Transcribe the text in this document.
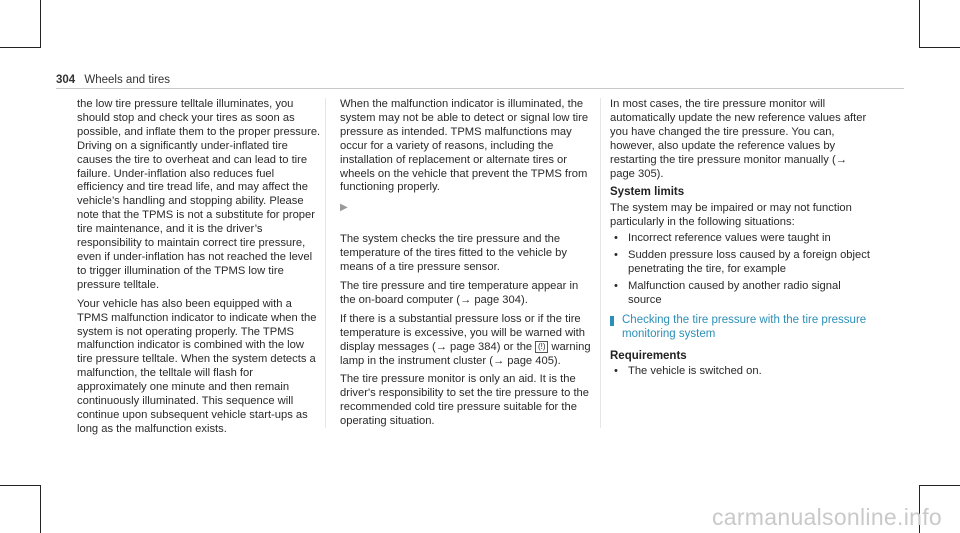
304 Wheels and tires

the low tire pressure telltale illuminates, you should stop and check your tires as soon as possible, and inflate them to the proper pressure. Driving on a significantly under-inflated tire causes the tire to overheat and can lead to tire failure. Under-inflation also reduces fuel efficiency and tire tread life, and may affect the vehicle’s handling and stopping ability. Please note that the TPMS is not a substitute for proper tire maintenance, and it is the driver’s responsibility to maintain correct tire pressure, even if under-inflation has not reached the level to trigger illumination of the TPMS low tire pressure telltale.

Your vehicle has also been equipped with a TPMS malfunction indicator to indicate when the system is not operating properly. The TPMS malfunction indicator is combined with the low tire pressure telltale. When the system detects a malfunction, the telltale will flash for approximately one minute and then remain continuously illuminated. This sequence will continue upon subsequent vehicle start-ups as long as the malfunction exists.

When the malfunction indicator is illuminated, the system may not be able to detect or signal low tire pressure as intended. TPMS malfunctions may occur for a variety of reasons, including the installation of replacement or alternate tires or wheels on the vehicle that prevent the TPMS from functioning properly.

▶

The system checks the tire pressure and the temperature of the tires fitted to the vehicle by means of a tire pressure sensor.

The tire pressure and tire temperature appear in the on-board computer (→ page 304).

If there is a substantial pressure loss or if the tire temperature is excessive, you will be warned with display messages (→ page 384) or the (!) warning lamp in the instrument cluster (→ page 405).

The tire pressure monitor is only an aid. It is the driver's responsibility to set the tire pressure to the recommended cold tire pressure suitable for the operating situation.

In most cases, the tire pressure monitor will automatically update the new reference values after you have changed the tire pressure. You can, however, also update the reference values by restarting the tire pressure monitor manually (→ page 305).

System limits

The system may be impaired or may not function particularly in the following situations:

• Incorrect reference values were taught in
• Sudden pressure loss caused by a foreign object penetrating the tire, for example
• Malfunction caused by another radio signal source
Checking the tire pressure with the tire pressure monitoring system
Requirements
• The vehicle is switched on.
carmanualsonline.info
